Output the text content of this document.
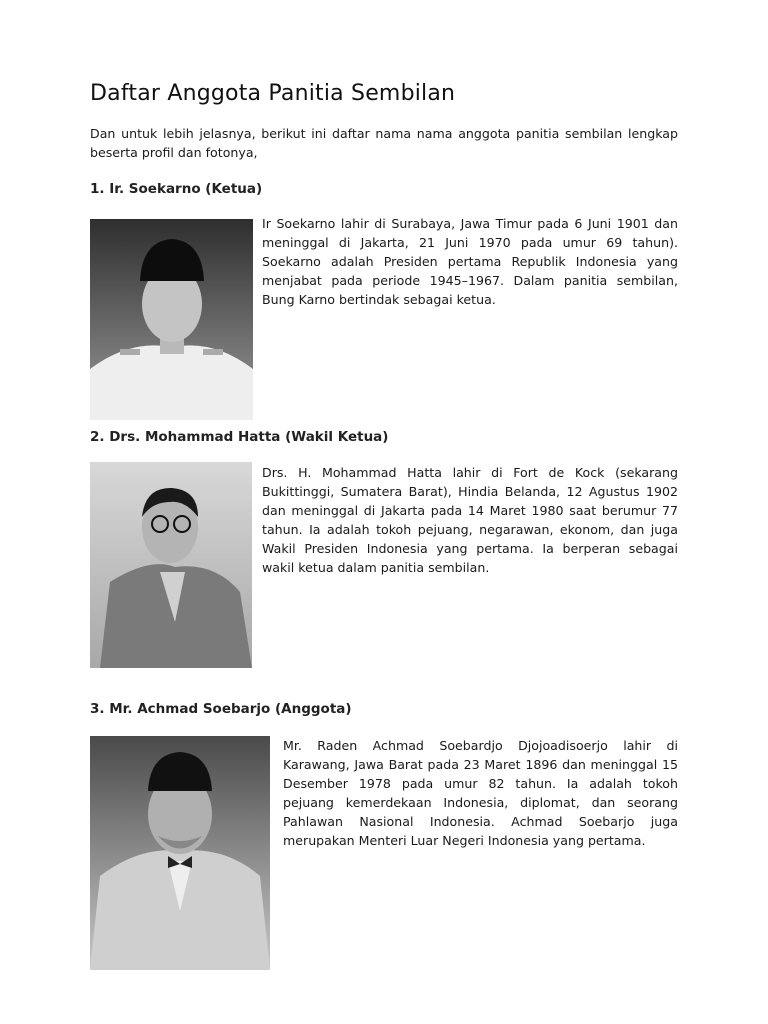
Daftar Anggota Panitia Sembilan
Dan untuk lebih jelasnya, berikut ini daftar nama nama anggota panitia sembilan lengkap
beserta profil dan fotonya,
1. Ir. Soekarno (Ketua)
Ir Soekarno lahir di Surabaya, Jawa Timur pada 6 Juni 1901 dan
meninggal di Jakarta, 21 Juni 1970 pada umur 69 tahun).
Soekarno adalah Presiden pertama Republik Indonesia yang
menjabat pada periode 1945–1967. Dalam panitia sembilan,
Bung Karno bertindak sebagai ketua.
2. Drs. Mohammad Hatta (Wakil Ketua)
Drs. H. Mohammad Hatta lahir di Fort de Kock (sekarang
Bukittinggi, Sumatera Barat), Hindia Belanda, 12 Agustus 1902
dan meninggal di Jakarta pada 14 Maret 1980 saat berumur 77
tahun. Ia adalah tokoh pejuang, negarawan, ekonom, dan juga
Wakil Presiden Indonesia yang pertama. Ia berperan sebagai
wakil ketua dalam panitia sembilan.
3. Mr. Achmad Soebarjo (Anggota)
Mr. Raden Achmad Soebardjo Djojoadisoerjo lahir di
Karawang, Jawa Barat pada 23 Maret 1896 dan meninggal 15
Desember 1978 pada umur 82 tahun. Ia adalah tokoh
pejuang kemerdekaan Indonesia, diplomat, dan seorang
Pahlawan Nasional Indonesia. Achmad Soebarjo juga
merupakan Menteri Luar Negeri Indonesia yang pertama.
